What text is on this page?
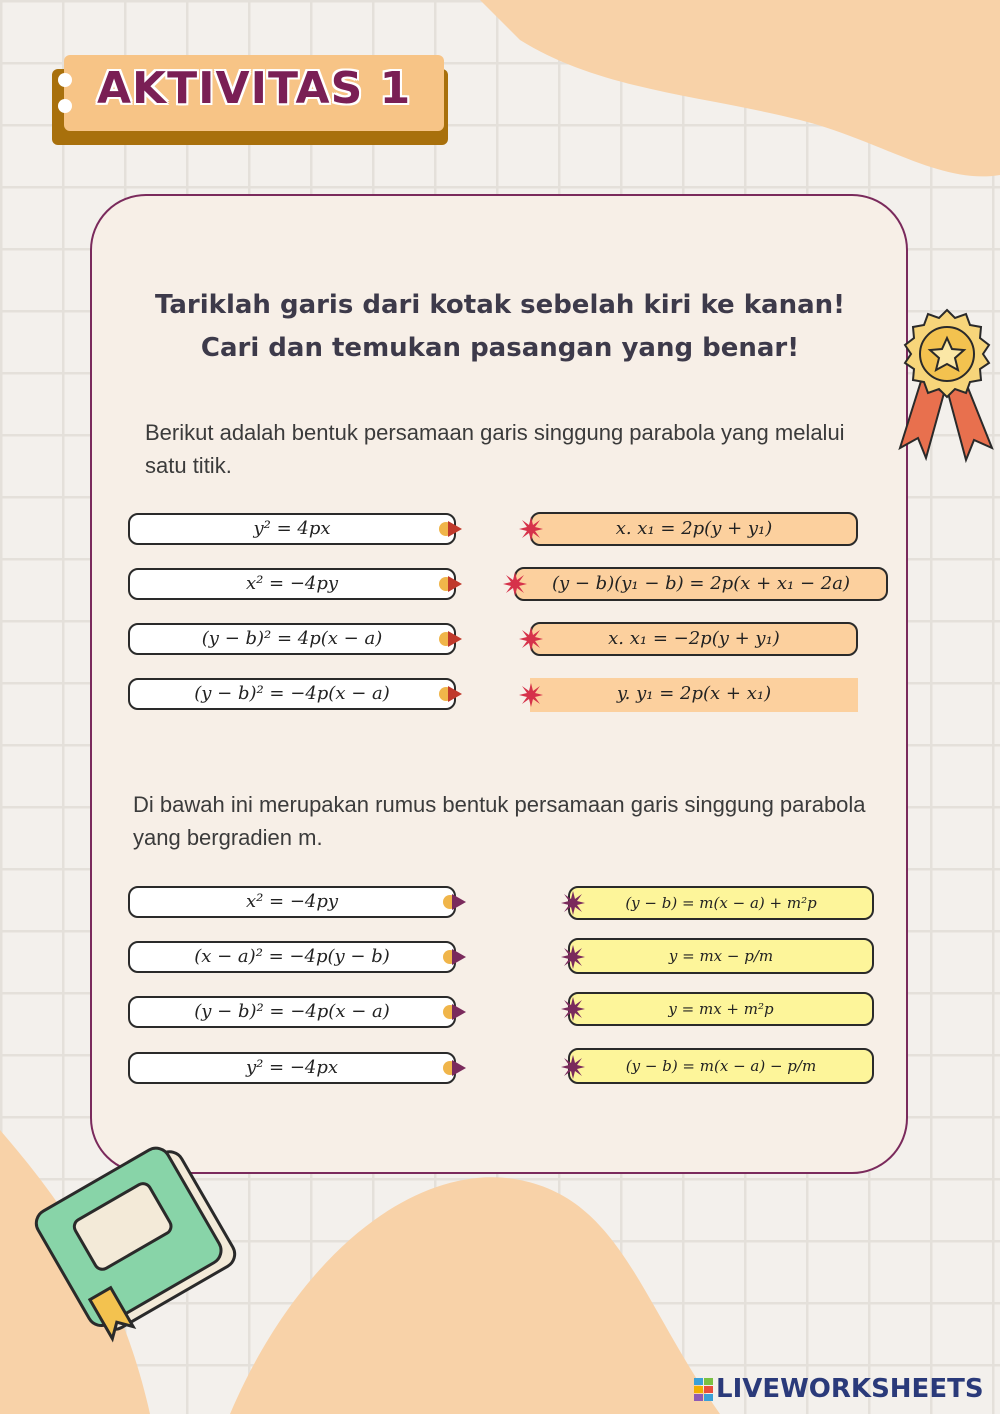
AKTIVITAS 1

Tariklah garis dari kotak sebelah kiri ke kanan!

Cari dan temukan pasangan yang benar!

Berikut adalah bentuk persamaan garis singgung parabola yang melalui satu titik.

y² = 4px
x² = −4py
(y − b)² = 4p(x − a)
(y − b)² = −4p(x − a)
x. x₁ = 2p(y + y₁)
(y − b)(y₁ − b) = 2p(x + x₁ − 2a)
x. x₁ = −2p(y + y₁)
y. y₁ = 2p(x + x₁)

Di bawah ini merupakan rumus bentuk persamaan garis singgung parabola yang bergradien m.

x² = −4py
(x − a)² = −4p(y − b)
(y − b)² = −4p(x − a)
y² = −4px
(y − b) = m(x − a) + m²p
y = mx − p/m
y = mx + m²p
(y − b) = m(x − a) − p/m
LIVEWORKSHEETS
